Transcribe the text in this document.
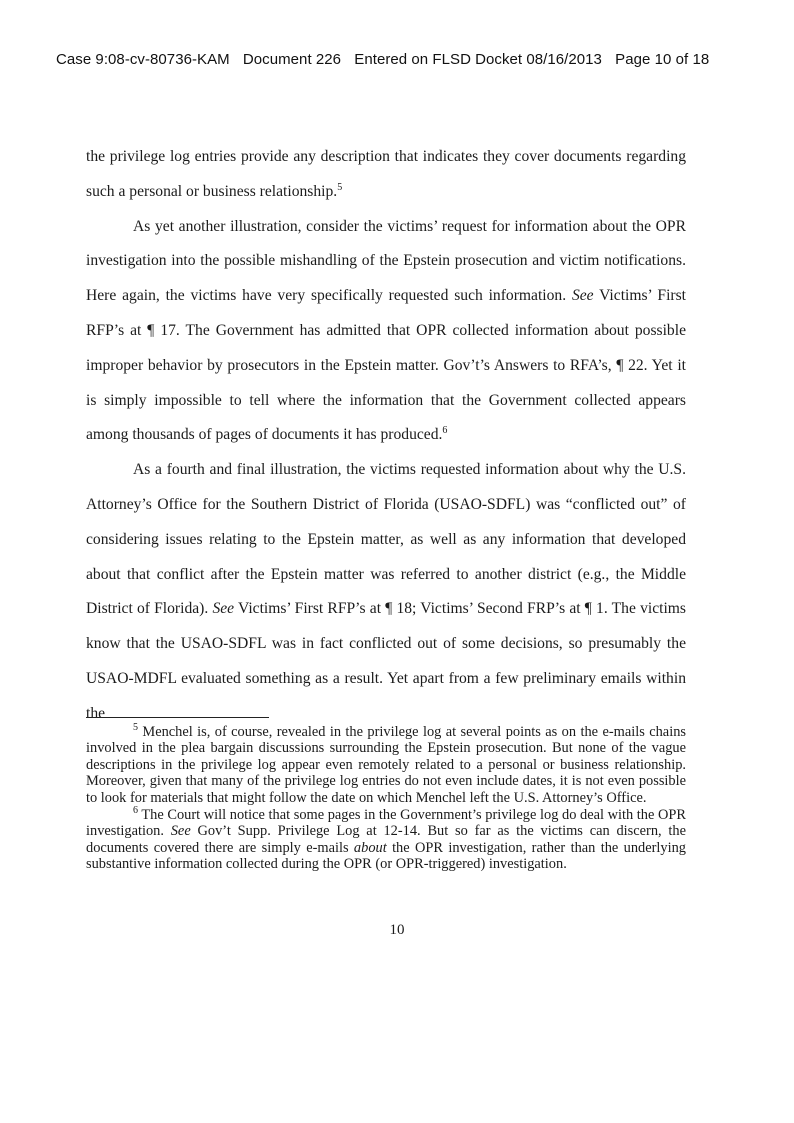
Case 9:08-cv-80736-KAM Document 226 Entered on FLSD Docket 08/16/2013 Page 10 of 18

the privilege log entries provide any description that indicates they cover documents regarding such a personal or business relationship.$^5$

As yet another illustration, consider the victims’ request for information about the OPR investigation into the possible mishandling of the Epstein prosecution and victim notifications. Here again, the victims have very specifically requested such information. See Victims’ First RFP’s at ¶ 17. The Government has admitted that OPR collected information about possible improper behavior by prosecutors in the Epstein matter. Gov’t’s Answers to RFA’s, ¶ 22. Yet it is simply impossible to tell where the information that the Government collected appears among thousands of pages of documents it has produced.$^6$

As a fourth and final illustration, the victims requested information about why the U.S. Attorney’s Office for the Southern District of Florida (USAO-SDFL) was “conflicted out” of considering issues relating to the Epstein matter, as well as any information that developed about that conflict after the Epstein matter was referred to another district (e.g., the Middle District of Florida). See Victims’ First RFP’s at ¶ 18; Victims’ Second FRP’s at ¶ 1. The victims know that the USAO-SDFL was in fact conflicted out of some decisions, so presumably the USAO-MDFL evaluated something as a result. Yet apart from a few preliminary emails within the

$^5$ Menchel is, of course, revealed in the privilege log at several points as on the e-mails chains involved in the plea bargain discussions surrounding the Epstein prosecution. But none of the vague descriptions in the privilege log appear even remotely related to a personal or business relationship. Moreover, given that many of the privilege log entries do not even include dates, it is not even possible to look for materials that might follow the date on which Menchel left the U.S. Attorney’s Office.

$^6$ The Court will notice that some pages in the Government’s privilege log do deal with the OPR investigation. See Gov’t Supp. Privilege Log at 12-14. But so far as the victims can discern, the documents covered there are simply e-mails about the OPR investigation, rather than the underlying substantive information collected during the OPR (or OPR-triggered) investigation.

10
